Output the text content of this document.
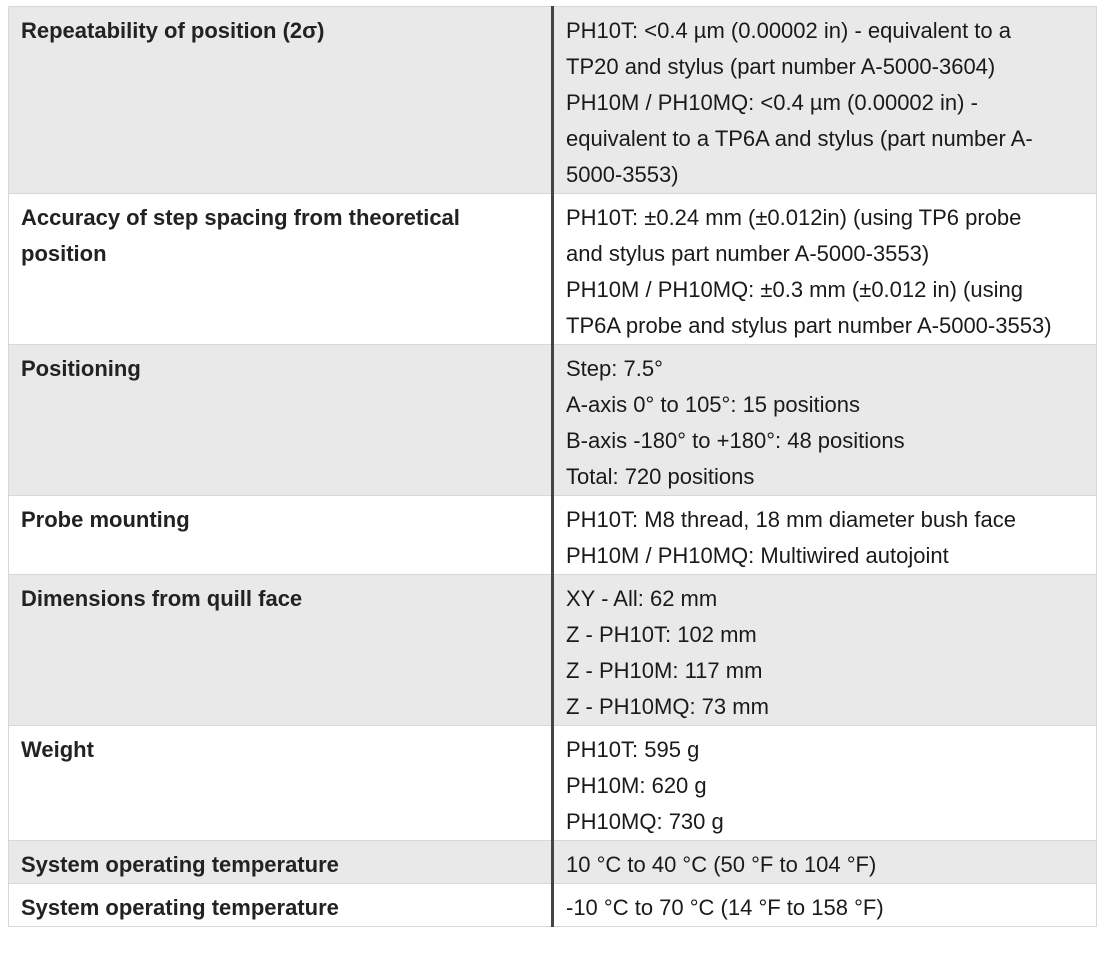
Repeatability of position (2σ)	PH10T: <0.4 µm (0.00002 in) - equivalent to a
TP20 and stylus (part number A-5000-3604)
PH10M / PH10MQ: <0.4 µm (0.00002 in) -
equivalent to a TP6A and stylus (part number A-
5000-3553)

Accuracy of step spacing from theoretical position	PH10T: ±0.24 mm (±0.012in) (using TP6 probe
and stylus part number A-5000-3553)
PH10M / PH10MQ: ±0.3 mm (±0.012 in) (using
TP6A probe and stylus part number A-5000-3553)

Positioning	Step: 7.5°
A-axis 0° to 105°: 15 positions
B-axis -180° to +180°: 48 positions
Total: 720 positions

Probe mounting	PH10T: M8 thread, 18 mm diameter bush face
PH10M / PH10MQ: Multiwired autojoint

Dimensions from quill face	XY - All: 62 mm
Z - PH10T: 102 mm
Z - PH10M: 117 mm
Z - PH10MQ: 73 mm

Weight	PH10T: 595 g
PH10M: 620 g
PH10MQ: 730 g

System operating temperature	10 °C to 40 °C (50 °F to 104 °F)

System operating temperature	-10 °C to 70 °C (14 °F to 158 °F)
